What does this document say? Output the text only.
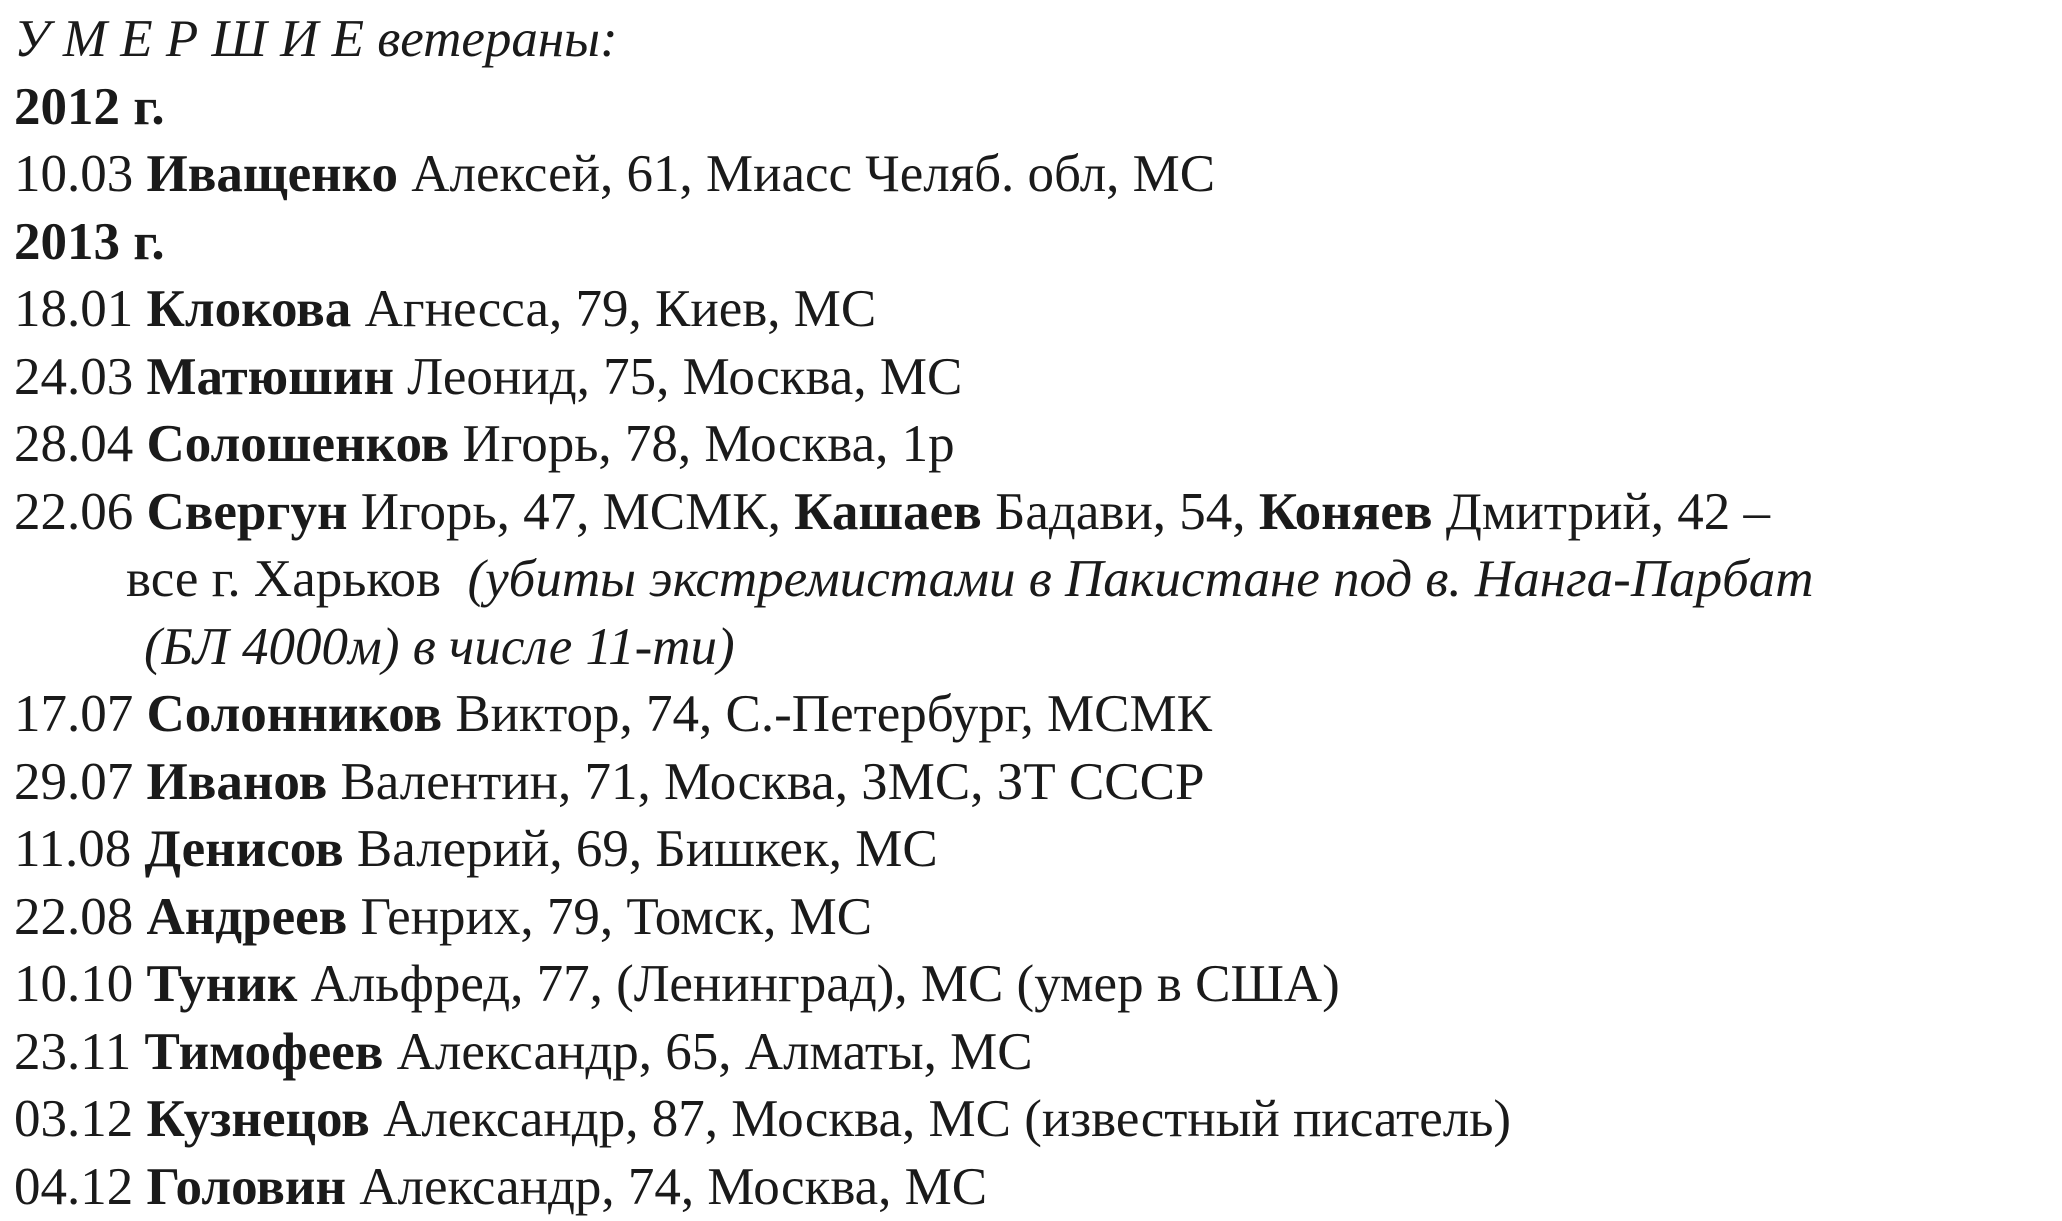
У М Е Р Ш И Е ветераны:
2012 г.
10.03 Иващенко Алексей, 61, Миасс Челяб. обл, МС
2013 г.
18.01 Клокова Агнесса, 79, Киев, МС
24.03 Матюшин Леонид, 75, Москва, МС
28.04 Солошенков Игорь, 78, Москва, 1р
22.06 Свергун Игорь, 47, МСМК, Кашаев Бадави, 54, Коняев Дмитрий, 42 –
все г. Харьков  (убиты экстремистами в Пакистане под в. Нанга-Парбат
(БЛ 4000м) в числе 11-ти)
17.07 Солонников Виктор, 74, С.-Петербург, МСМК
29.07 Иванов Валентин, 71, Москва, ЗМС, ЗТ СССР
11.08 Денисов Валерий, 69, Бишкек, МС
22.08 Андреев Генрих, 79, Томск, МС
10.10 Туник Альфред, 77, (Ленинград), МС (умер в США)
23.11 Тимофеев Александр, 65, Алматы, МС
03.12 Кузнецов Александр, 87, Москва, МС (известный писатель)
04.12 Головин Александр, 74, Москва, МС
